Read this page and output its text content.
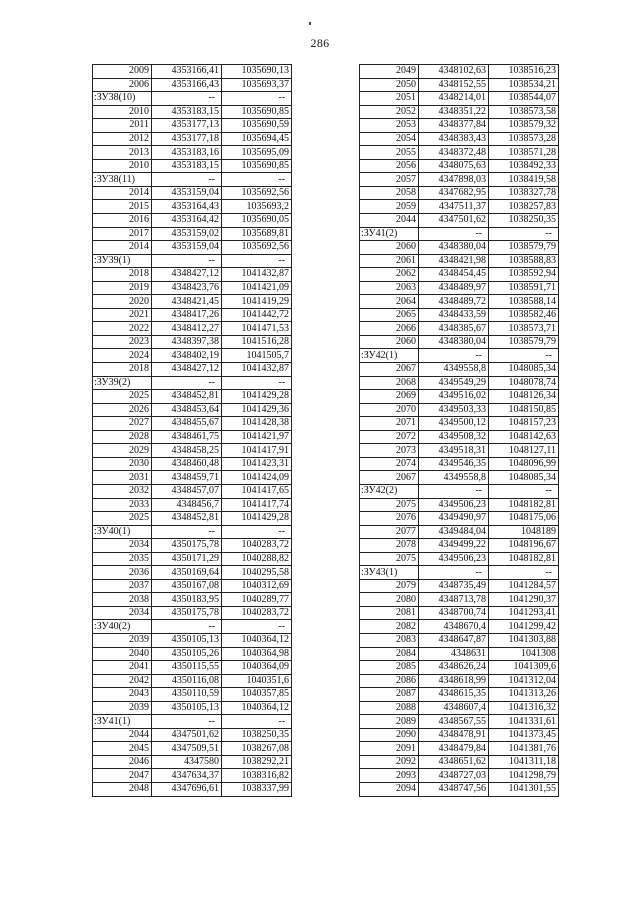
286
2009	4353166,41	1035690,13
2006	4353166,43	1035693,37
:ЗУ38(10)	--	--
2010	4353183,15	1035690,85
2011	4353177,13	1035690,59
2012	4353177,18	1035694,45
2013	4353183,16	1035695,09
2010	4353183,15	1035690,85
:ЗУ38(11)	--	--
2014	4353159,04	1035692,56
2015	4353164,43	1035693,2
2016	4353164,42	1035690,05
2017	4353159,02	1035689,81
2014	4353159,04	1035692,56
:ЗУ39(1)	--	--
2018	4348427,12	1041432,87
2019	4348423,76	1041421,09
2020	4348421,45	1041419,29
2021	4348417,26	1041442,72
2022	4348412,27	1041471,53
2023	4348397,38	1041516,28
2024	4348402,19	1041505,7
2018	4348427,12	1041432,87
:ЗУ39(2)	--	--
2025	4348452,81	1041429,28
2026	4348453,64	1041429,36
2027	4348455,67	1041428,38
2028	4348461,75	1041421,97
2029	4348458,25	1041417,91
2030	4348460,48	1041423,31
2031	4348459,71	1041424,09
2032	4348457,07	1041417,65
2033	4348456,7	1041417,74
2025	4348452,81	1041429,28
:ЗУ40(1)	--	--
2034	4350175,78	1040283,72
2035	4350171,29	1040288,82
2036	4350169,64	1040295,58
2037	4350167,08	1040312,69
2038	4350183,95	1040289,77
2034	4350175,78	1040283,72
:ЗУ40(2)	--	--
2039	4350105,13	1040364,12
2040	4350105,26	1040364,98
2041	4350115,55	1040364,09
2042	4350116,08	1040351,6
2043	4350110,59	1040357,85
2039	4350105,13	1040364,12
:ЗУ41(1)	--	--
2044	4347501,62	1038250,35
2045	4347509,51	1038267,08
2046	4347580	1038292,21
2047	4347634,37	1038316,82
2048	4347696,61	1038337,99
2049	4348102,63	1038516,23
2050	4348152,55	1038534,21
2051	4348214,01	1038544,07
2052	4348351,22	1038573,58
2053	4348377,84	1038579,32
2054	4348383,43	1038573,28
2055	4348372,48	1038571,28
2056	4348075,63	1038492,33
2057	4347898,03	1038419,58
2058	4347682,95	1038327,78
2059	4347511,37	1038257,83
2044	4347501,62	1038250,35
:ЗУ41(2)	--	--
2060	4348380,04	1038579,79
2061	4348421,98	1038588,83
2062	4348454,45	1038592,94
2063	4348489,97	1038591,71
2064	4348489,72	1038588,14
2065	4348433,59	1038582,46
2066	4348385,67	1038573,71
2060	4348380,04	1038579,79
:ЗУ42(1)	--	--
2067	4349558,8	1048085,34
2068	4349549,29	1048078,74
2069	4349516,02	1048126,34
2070	4349503,33	1048150,85
2071	4349500,12	1048157,23
2072	4349508,32	1048142,63
2073	4349518,31	1048127,11
2074	4349546,35	1048096,99
2067	4349558,8	1048085,34
:ЗУ42(2)	--	--
2075	4349506,23	1048182,81
2076	4349490,97	1048175,06
2077	4349484,04	1048189
2078	4349499,22	1048196,67
2075	4349506,23	1048182,81
:ЗУ43(1)	--	--
2079	4348735,49	1041284,57
2080	4348713,78	1041290,37
2081	4348700,74	1041293,41
2082	4348670,4	1041299,42
2083	4348647,87	1041303,88
2084	4348631	1041308
2085	4348626,24	1041309,6
2086	4348618,99	1041312,04
2087	4348615,35	1041313,26
2088	4348607,4	1041316,32
2089	4348567,55	1041331,61
2090	4348478,91	1041373,45
2091	4348479,84	1041381,76
2092	4348651,62	1041311,18
2093	4348727,03	1041298,79
2094	4348747,56	1041301,55
